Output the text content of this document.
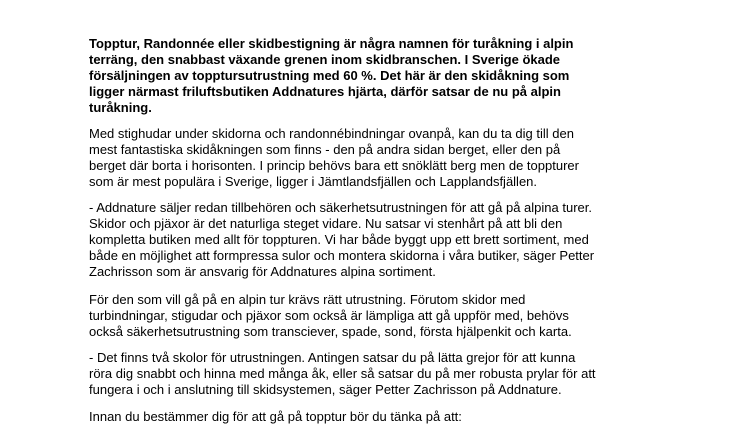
Topptur, Randonnée eller skidbestigning är några namnen för turåkning i alpin
terräng, den snabbast växande grenen inom skidbranschen. I Sverige ökade
försäljningen av topptursutrustning med 60 %. Det här är den skidåkning som
ligger närmast friluftsbutiken Addnatures hjärta, därför satsar de nu på alpin
turåkning.

Med stighudar under skidorna och randonnébindningar ovanpå, kan du ta dig till den
mest fantastiska skidåkningen som finns - den på andra sidan berget, eller den på
berget där borta i horisonten. I princip behövs bara ett snöklätt berg men de toppturer
som är mest populära i Sverige, ligger i Jämtlandsfjällen och Lapplandsfjällen.

- Addnature säljer redan tillbehören och säkerhetsutrustningen för att gå på alpina turer.
Skidor och pjäxor är det naturliga steget vidare. Nu satsar vi stenhårt på att bli den
kompletta butiken med allt för toppturen. Vi har både byggt upp ett brett sortiment, med
både en möjlighet att formpressa sulor och montera skidorna i våra butiker, säger Petter
Zachrisson som är ansvarig för Addnatures alpina sortiment.

För den som vill gå på en alpin tur krävs rätt utrustning. Förutom skidor med
turbindningar, stigudar och pjäxor som också är lämpliga att gå uppför med, behövs
också säkerhetsutrustning som transciever, spade, sond, första hjälpenkit och karta.

- Det finns två skolor för utrustningen. Antingen satsar du på lätta grejor för att kunna
röra dig snabbt och hinna med många åk, eller så satsar du på mer robusta prylar för att
fungera i och i anslutning till skidsystemen, säger Petter Zachrisson på Addnature.

Innan du bestämmer dig för att gå på topptur bör du tänka på att:
